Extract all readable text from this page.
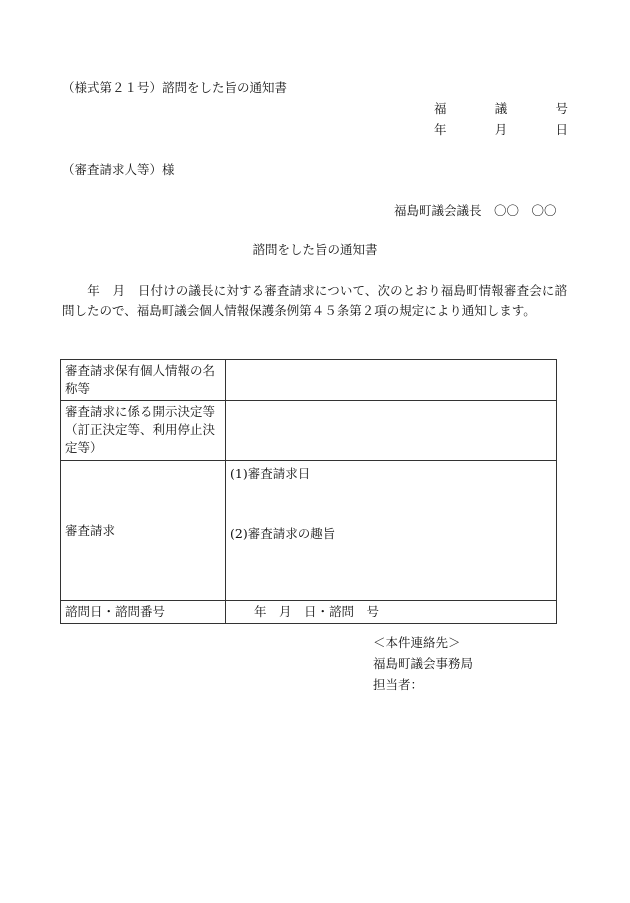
（様式第２１号）諮問をした旨の通知書
福	議	号
年	月	日
（審査請求人等）様
福島町議会議長　〇〇　〇〇
諮問をした旨の通知書
　　年　月　日付けの議長に対する審査請求について、次のとおり福島町情報審査会に諮問したので、福島町議会個人情報保護条例第４５条第２項の規定により通知します。
審査請求保有個人情報の名称等	
審査請求に係る開示決定等（訂正決定等、利用停止決定等）	
審査請求	(1)審査請求日
(2)審査請求の趣旨

諮問日・諮問番号	年　月　日・諮問　号
＜本件連絡先＞
福島町議会事務局
担当者：
